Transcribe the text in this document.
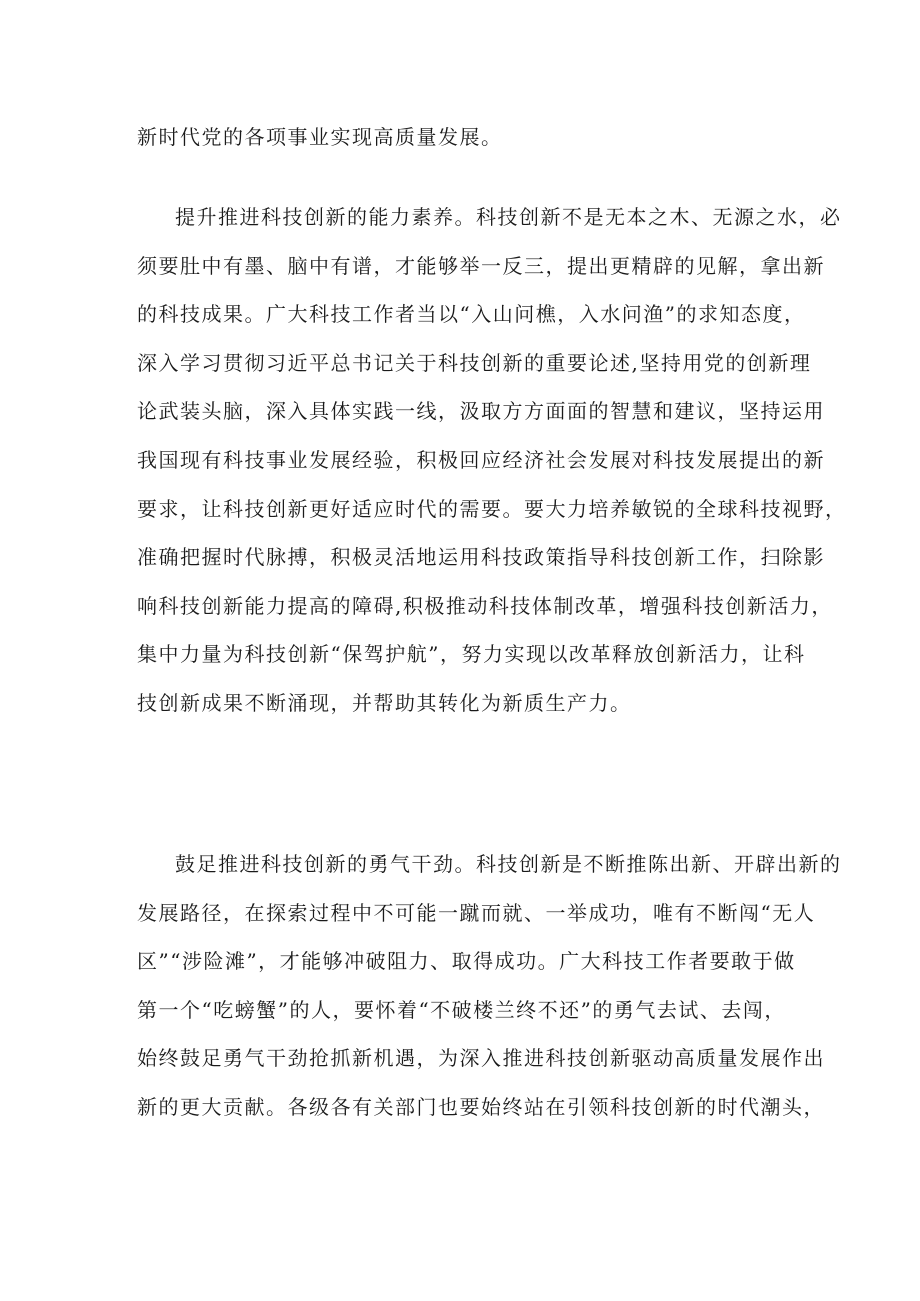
新时代党的各项事业实现高质量发展。
提升推进科技创新的能力素养。科技创新不是无本之木、无源之水，必
须要肚中有墨、脑中有谱，才能够举一反三，提出更精辟的见解，拿出新
的科技成果。广大科技工作者当以“入山问樵，入水问渔”的求知态度，
深入学习贯彻习近平总书记关于科技创新的重要论述,坚持用党的创新理
论武装头脑，深入具体实践一线，汲取方方面面的智慧和建议，坚持运用
我国现有科技事业发展经验，积极回应经济社会发展对科技发展提出的新
要求，让科技创新更好适应时代的需要。要大力培养敏锐的全球科技视野，
准确把握时代脉搏，积极灵活地运用科技政策指导科技创新工作，扫除影
响科技创新能力提高的障碍,积极推动科技体制改革，增强科技创新活力，
集中力量为科技创新“保驾护航”，努力实现以改革释放创新活力，让科
技创新成果不断涌现，并帮助其转化为新质生产力。
鼓足推进科技创新的勇气干劲。科技创新是不断推陈出新、开辟出新的
发展路径，在探索过程中不可能一蹴而就、一举成功，唯有不断闯“无人
区”“涉险滩”，才能够冲破阻力、取得成功。广大科技工作者要敢于做
第一个“吃螃蟹”的人，要怀着“不破楼兰终不还”的勇气去试、去闯，
始终鼓足勇气干劲抢抓新机遇，为深入推进科技创新驱动高质量发展作出
新的更大贡献。各级各有关部门也要始终站在引领科技创新的时代潮头，
